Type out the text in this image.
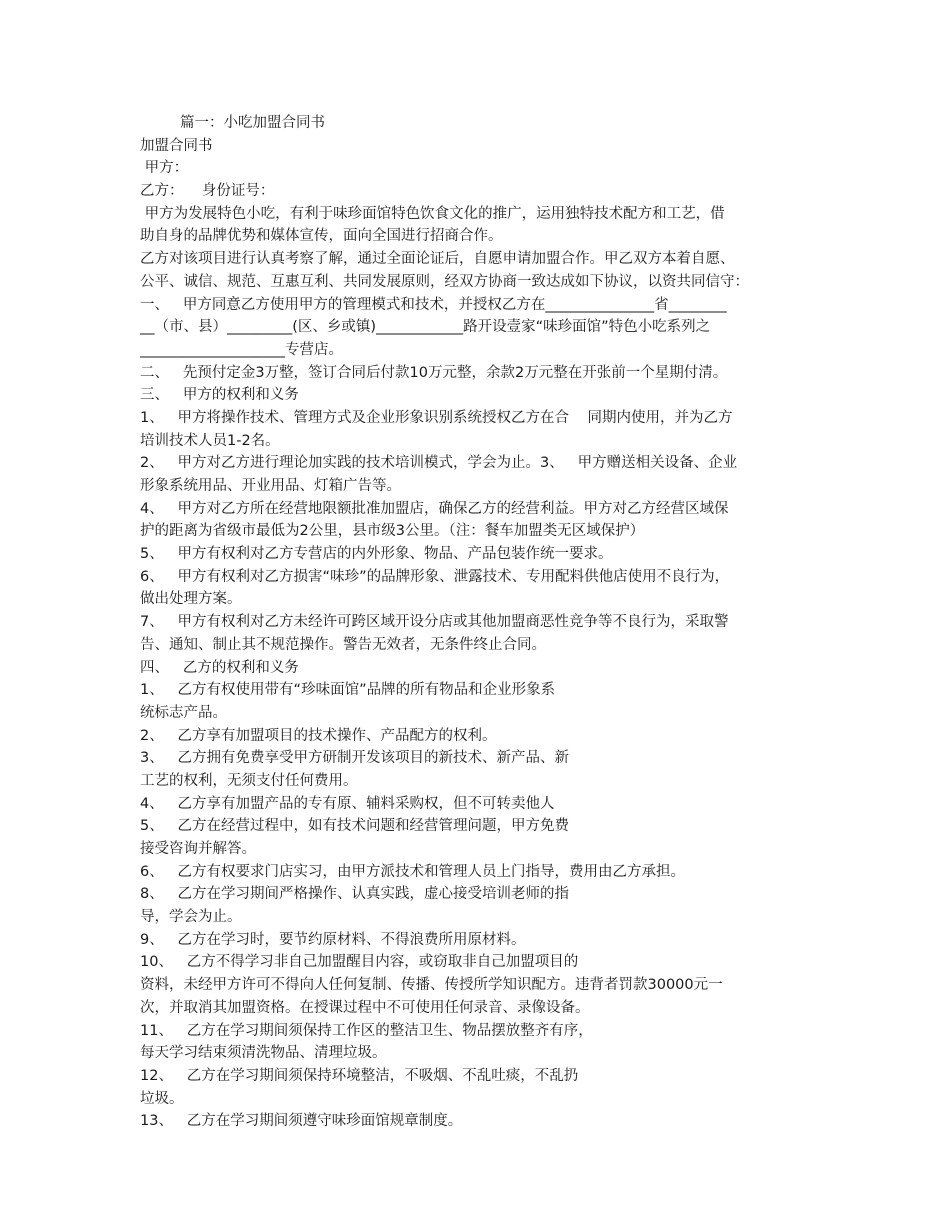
篇一：小吃加盟合同书
加盟合同书
甲方：
乙方：    身份证号：
甲方为发展特色小吃，有利于味珍面馆特色饮食文化的推广，运用独特技术配方和工艺，借
助自身的品牌优势和媒体宣传，面向全国进行招商合作。
乙方对该项目进行认真考察了解，通过全面论证后，自愿申请加盟合作。甲乙双方本着自愿、
公平、诚信、规范、互惠互利、共同发展原则，经双方协商一致达成如下协议，以资共同信守：
一、   甲方同意乙方使用甲方的管理模式和技术，并授权乙方在_______________省________
__（市、县）_________(区、乡或镇)____________路开设壹家“味珍面馆”特色小吃系列之
____________________专营店。
二、   先预付定金3万整，签订合同后付款10万元整，余款2万元整在开张前一个星期付清。
三、   甲方的权利和义务
1、   甲方将操作技术、管理方式及企业形象识别系统授权乙方在合    同期内使用，并为乙方
培训技术人员1-2名。
2、   甲方对乙方进行理论加实践的技术培训模式，学会为止。3、   甲方赠送相关设备、企业
形象系统用品、开业用品、灯箱广告等。
4、   甲方对乙方所在经营地限额批准加盟店，确保乙方的经营利益。甲方对乙方经营区域保
护的距离为省级市最低为2公里，县市级3公里。（注：餐车加盟类无区域保护）
5、   甲方有权利对乙方专营店的内外形象、物品、产品包装作统一要求。
6、   甲方有权利对乙方损害“味珍”的品牌形象、泄露技术、专用配料供他店使用不良行为，
做出处理方案。
7、   甲方有权利对乙方未经许可跨区域开设分店或其他加盟商恶性竞争等不良行为，采取警
告、通知、制止其不规范操作。警告无效者，无条件终止合同。
四、   乙方的权利和义务
1、   乙方有权使用带有“珍味面馆”品牌的所有物品和企业形象系
统标志产品。
2、   乙方享有加盟项目的技术操作、产品配方的权利。
3、   乙方拥有免费享受甲方研制开发该项目的新技术、新产品、新
工艺的权利，无须支付任何费用。
4、   乙方享有加盟产品的专有原、辅料采购权，但不可转卖他人
5、   乙方在经营过程中，如有技术问题和经营管理问题，甲方免费
接受咨询并解答。
6、   乙方有权要求门店实习，由甲方派技术和管理人员上门指导，费用由乙方承担。
8、   乙方在学习期间严格操作、认真实践，虚心接受培训老师的指
导，学会为止。
9、   乙方在学习时，要节约原材料、不得浪费所用原材料。
10、   乙方不得学习非自己加盟醒目内容，或窃取非自己加盟项目的
资料，未经甲方许可不得向人任何复制、传播、传授所学知识配方。违背者罚款30000元一
次，并取消其加盟资格。在授课过程中不可使用任何录音、录像设备。
11、   乙方在学习期间须保持工作区的整洁卫生、物品摆放整齐有序，
每天学习结束须清洗物品、清理垃圾。
12、   乙方在学习期间须保持环境整洁，不吸烟、不乱吐痰，不乱扔
垃圾。
13、   乙方在学习期间须遵守味珍面馆规章制度。
